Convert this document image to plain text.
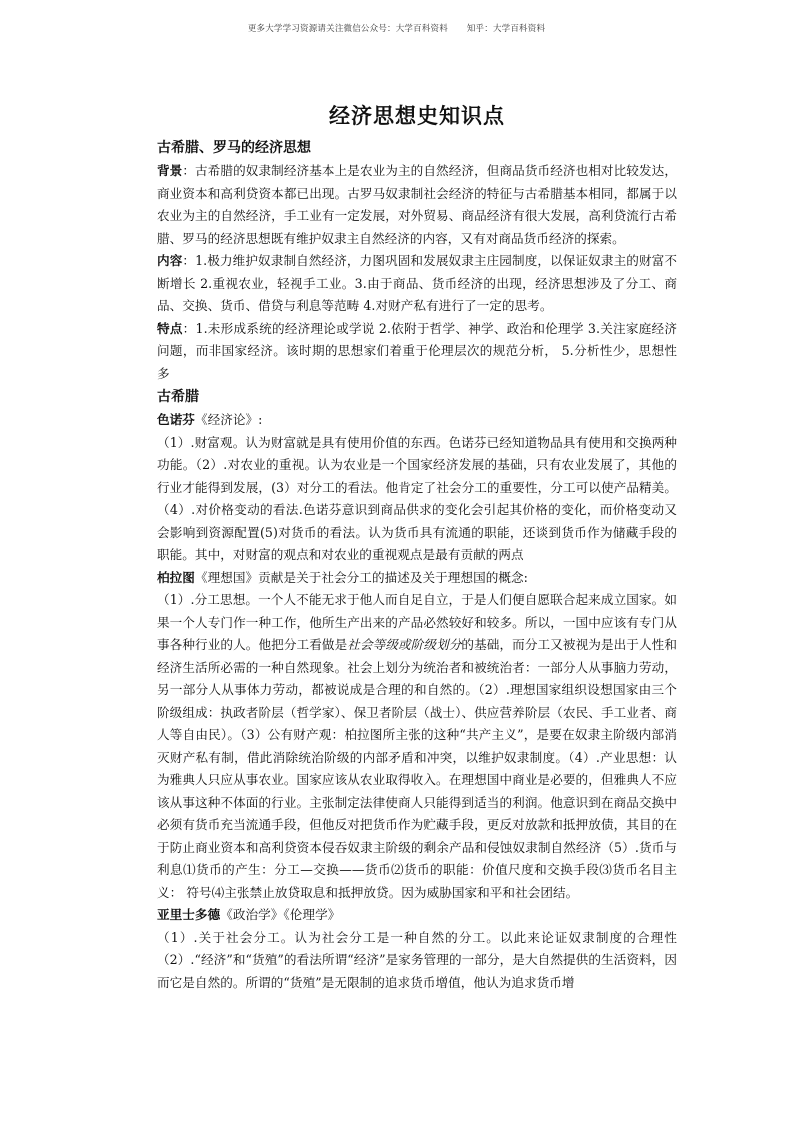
更多大学学习资源请关注微信公众号：大学百科资料 知乎：大学百科资料
经济思想史知识点
古希腊、罗马的经济思想

背景：古希腊的奴隶制经济基本上是农业为主的自然经济，但商品货币经济也相对比较发达，商业资本和高利贷资本都已出现。古罗马奴隶制社会经济的特征与古希腊基本相同，都属于以农业为主的自然经济，手工业有一定发展，对外贸易、商品经济有很大发展，高利贷流行古希腊、罗马的经济思想既有维护奴隶主自然经济的内容，又有对商品货币经济的探索。

内容：1.极力维护奴隶制自然经济，力图巩固和发展奴隶主庄园制度，以保证奴隶主的财富不断增长 2.重视农业，轻视手工业。3.由于商品、货币经济的出现，经济思想涉及了分工、商品、交换、货币、借贷与利息等范畴 4.对财产私有进行了一定的思考。

特点：1.未形成系统的经济理论或学说 2.依附于哲学、神学、政治和伦理学 3.关注家庭经济问题，而非国家经济。该时期的思想家们着重于伦理层次的规范分析， 5.分析性少，思想性多

古希腊

色诺芬《经济论》:

（1）.财富观。认为财富就是具有使用价值的东西。色诺芬已经知道物品具有使用和交换两种功能。（2）.对农业的重视。认为农业是一个国家经济发展的基础，只有农业发展了，其他的行业才能得到发展，(3）对分工的看法。他肯定了社会分工的重要性，分工可以使产品精美。（4）.对价格变动的看法.色诺芬意识到商品供求的变化会引起其价格的变化，而价格变动又会影响到资源配置(5)对货币的看法。认为货币具有流通的职能，还谈到货币作为储藏手段的职能。其中，对财富的观点和对农业的重视观点是最有贡献的两点

柏拉图《理想国》贡献是关于社会分工的描述及关于理想国的概念:

（1）.分工思想。一个人不能无求于他人而自足自立，于是人们便自愿联合起来成立国家。如果一个人专门作一种工作，他所生产出来的产品必然较好和较多。所以，一国中应该有专门从事各种行业的人。他把分工看做是社会等级或阶级划分的基础，而分工又被视为是出于人性和经济生活所必需的一种自然现象。社会上划分为统治者和被统治者：一部分人从事脑力劳动，另一部分人从事体力劳动，都被说成是合理的和自然的。（2）.理想国家组织设想国家由三个阶级组成：执政者阶层（哲学家）、保卫者阶层（战士）、供应营养阶层（农民、手工业者、商人等自由民）。（3）公有财产观：柏拉图所主张的这种“共产主义”，是要在奴隶主阶级内部消灭财产私有制，借此消除统治阶级的内部矛盾和冲突，以维护奴隶制度。（4）.产业思想：认为雅典人只应从事农业。国家应该从农业取得收入。在理想国中商业是必要的，但雅典人不应该从事这种不体面的行业。主张制定法律使商人只能得到适当的利润。他意识到在商品交换中必须有货币充当流通手段，但他反对把货币作为贮藏手段，更反对放款和抵押放债，其目的在于防止商业资本和高利贷资本侵吞奴隶主阶级的剩余产品和侵蚀奴隶制自然经济（5）.货币与利息⑴货币的产生：分工—交换——货币⑵货币的职能：价值尺度和交换手段⑶货币名目主义： 符号⑷主张禁止放贷取息和抵押放贷。因为威胁国家和平和社会团结。

亚里士多德《政治学》《伦理学》

（1）.关于社会分工。认为社会分工是一种自然的分工。以此来论证奴隶制度的合理性（2）.“经济”和“货殖”的看法所谓“经济”是家务管理的一部分，是大自然提供的生活资料，因而它是自然的。所谓的“货殖”是无限制的追求货币增值，他认为追求货币增
